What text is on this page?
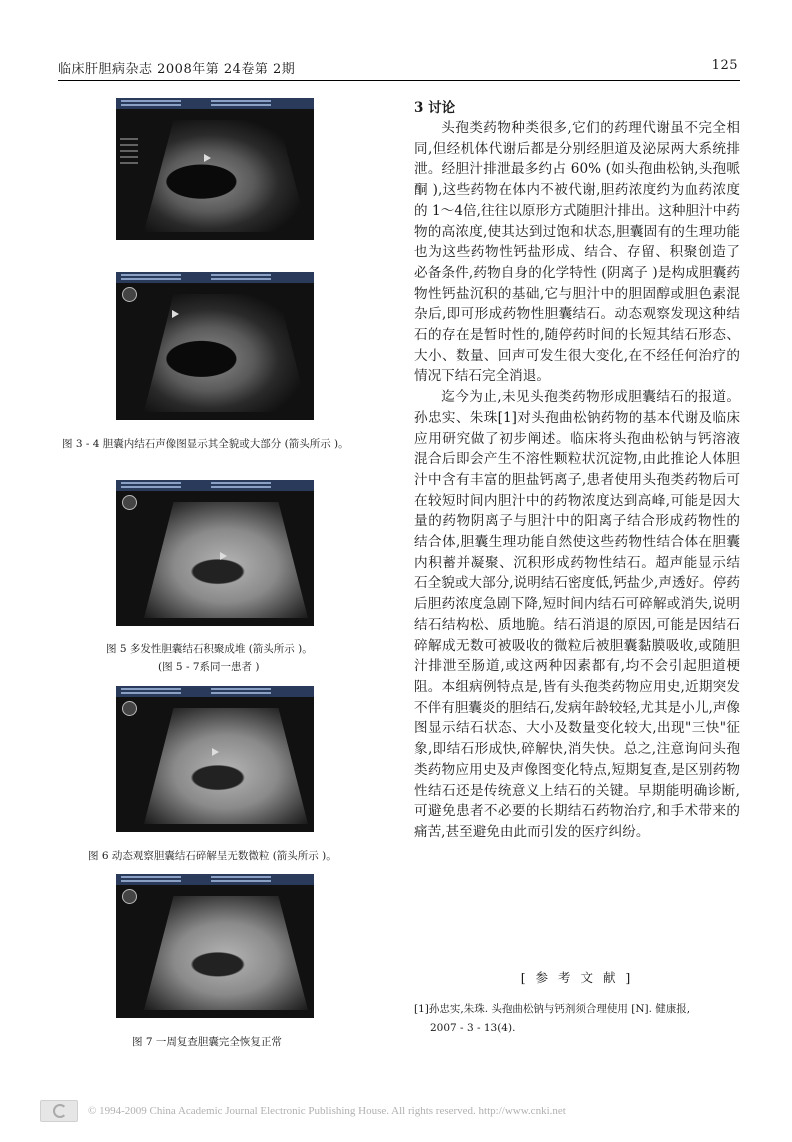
临床肝胆病杂志 2008年第 24卷第 2期	125
图 3 - 4 胆囊内结石声像图显示其全貌或大部分 (箭头所示 )。
图 5 多发性胆囊结石积聚成堆 (箭头所示 )。
(图 5 - 7系同一患者 )
图 6 动态观察胆囊结石碎解呈无数微粒 (箭头所示 )。
图 7 一周复查胆囊完全恢复正常
3 讨论

头孢类药物种类很多,它们的药理代谢虽不完全相同,但经机体代谢后都是分别经胆道及泌尿两大系统排泄。经胆汁排泄最多约占 60% (如头孢曲松钠,头孢哌酮 ),这些药物在体内不被代谢,胆药浓度约为血药浓度的 1～4倍,往往以原形方式随胆汁排出。这种胆汁中药物的高浓度,使其达到过饱和状态,胆囊固有的生理功能也为这些药物性钙盐形成、结合、存留、积聚创造了必备条件,药物自身的化学特性 (阴离子 )是构成胆囊药物性钙盐沉积的基础,它与胆汁中的胆固醇或胆色素混杂后,即可形成药物性胆囊结石。动态观察发现这种结石的存在是暂时性的,随停药时间的长短其结石形态、大小、数量、回声可发生很大变化,在不经任何治疗的情况下结石完全消退。

迄今为止,未见头孢类药物形成胆囊结石的报道。孙忠实、朱珠[1]对头孢曲松钠药物的基本代谢及临床应用研究做了初步阐述。临床将头孢曲松钠与钙溶液混合后即会产生不溶性颗粒状沉淀物,由此推论人体胆汁中含有丰富的胆盐钙离子,患者使用头孢类药物后可在较短时间内胆汁中的药物浓度达到高峰,可能是因大量的药物阴离子与胆汁中的阳离子结合形成药物性的结合体,胆囊生理功能自然使这些药物性结合体在胆囊内积蓄并凝聚、沉积形成药物性结石。超声能显示结石全貌或大部分,说明结石密度低,钙盐少,声透好。停药后胆药浓度急剧下降,短时间内结石可碎解或消失,说明结石结构松、质地脆。结石消退的原因,可能是因结石碎解成无数可被吸收的微粒后被胆囊黏膜吸收,或随胆汁排泄至肠道,或这两种因素都有,均不会引起胆道梗阻。本组病例特点是,皆有头孢类药物应用史,近期突发不伴有胆囊炎的胆结石,发病年龄较轻,尤其是小儿,声像图显示结石状态、大小及数量变化较大,出现"三快"征象,即结石形成快,碎解快,消失快。总之,注意询问头孢类药物应用史及声像图变化特点,短期复查,是区别药物性结石还是传统意义上结石的关键。早期能明确诊断,可避免患者不必要的长期结石药物治疗,和手术带来的痛苦,甚至避免由此而引发的医疗纠纷。

[ 参 考 文 献 ]
[1]孙忠实,朱珠. 头孢曲松钠与钙剂须合理使用 [N]. 健康报,
2007 - 3 - 13(4).
© 1994-2009 China Academic Journal Electronic Publishing House. All rights reserved. http://www.cnki.net
